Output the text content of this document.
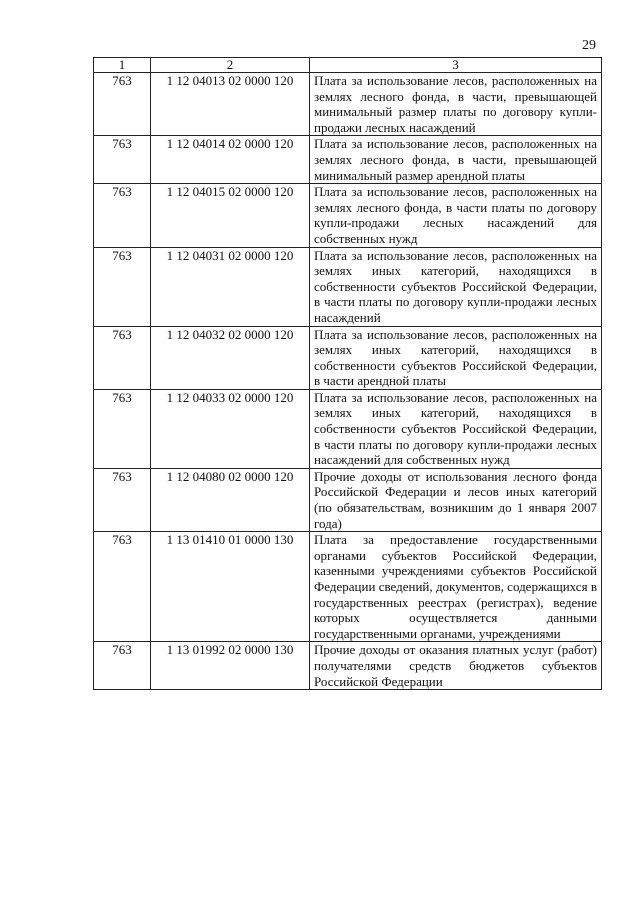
29
1	2	3
763	1 12 04013 02 0000 120	Плата за использование лесов, расположенных на землях лесного фонда, в части, превышающей минимальный размер платы по договору купли-продажи лесных насаждений
763	1 12 04014 02 0000 120	Плата за использование лесов, расположенных на землях лесного фонда, в части, превышающей минимальный размер арендной платы
763	1 12 04015 02 0000 120	Плата за использование лесов, расположенных на землях лесного фонда, в части платы по договору купли-продажи лесных насаждений для собственных нужд
763	1 12 04031 02 0000 120	Плата за использование лесов, расположенных на землях иных категорий, находящихся в собственности субъектов Российской Федерации, в части платы по договору купли-продажи лесных насаждений
763	1 12 04032 02 0000 120	Плата за использование лесов, расположенных на землях иных категорий, находящихся в собственности субъектов Российской Федерации, в части арендной платы
763	1 12 04033 02 0000 120	Плата за использование лесов, расположенных на землях иных категорий, находящихся в собственности субъектов Российской Федерации, в части платы по договору купли-продажи лесных насаждений для собственных нужд
763	1 12 04080 02 0000 120	Прочие доходы от использования лесного фонда Российской Федерации и лесов иных категорий (по обязательствам, возникшим до 1 января 2007 года)
763	1 13 01410 01 0000 130	Плата за предоставление государственными органами субъектов Российской Федерации, казенными учреждениями субъектов Российской Федерации сведений, документов, содержащихся в государственных реестрах (регистрах), ведение которых осуществляется данными государственными органами, учреждениями
763	1 13 01992 02 0000 130	Прочие доходы от оказания платных услуг (работ) получателями средств бюджетов субъектов Российской Федерации
